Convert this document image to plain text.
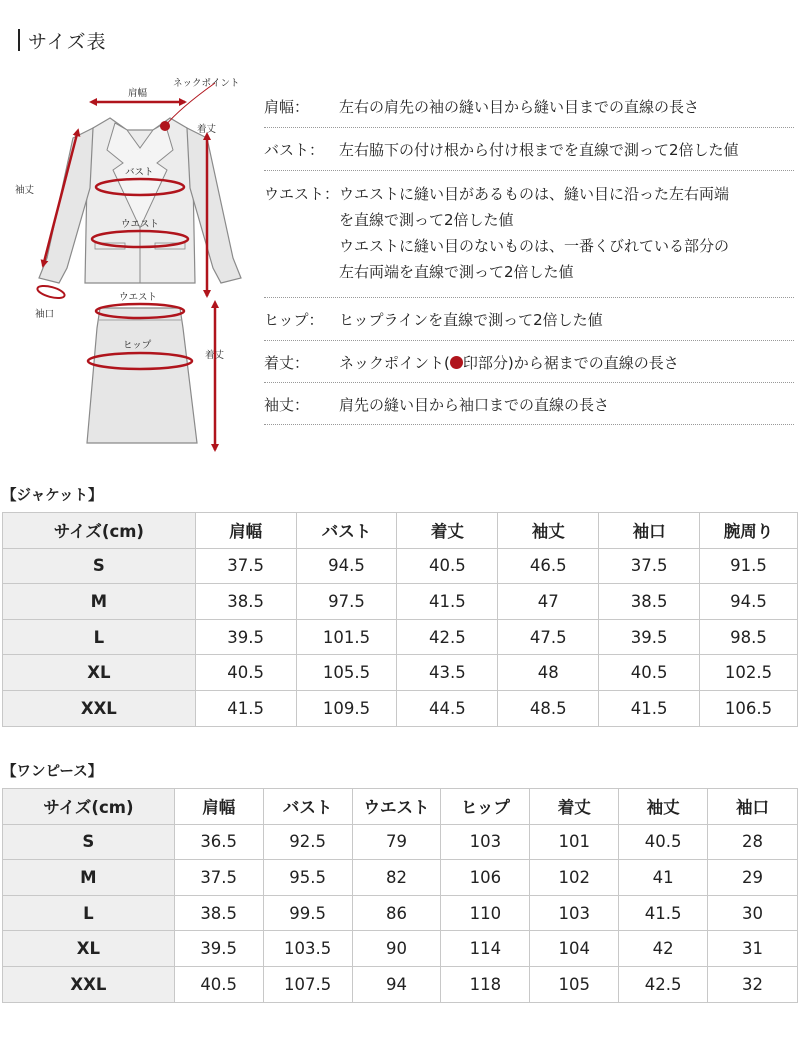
サイズ表
肩幅
ネックポイント
着丈
袖丈
バスト
ウエスト
ウエスト
ヒップ
袖口
着丈
肩幅：	左右の肩先の袖の縫い目から縫い目までの直線の長さ
バスト： 左右脇下の付け根から付け根までを直線で測って2倍した値
ウエスト： ウエストに縫い目があるものは、縫い目に沿った左右両端
を直線で測って2倍した値
ウエストに縫い目のないものは、一番くびれている部分の
左右両端を直線で測って2倍した値
ヒップ：	ヒップラインを直線で測って2倍した値
着丈：	ネックポイント( 印部分)から裾までの直線の長さ
袖丈：	肩先の縫い目から袖口までの直線の長さ
【ジャケット】
サイズ(cm)	肩幅	バスト	着丈	袖丈	袖口	腕周り
S	37.5	94.5	40.5	46.5	37.5	91.5
M	38.5	97.5	41.5	47	38.5	94.5
L	39.5	101.5	42.5	47.5	39.5	98.5
XL	40.5	105.5	43.5	48	40.5	102.5
XXL	41.5	109.5	44.5	48.5	41.5	106.5
【ワンピース】
サイズ(cm)	肩幅	バスト	ウエスト	ヒップ	着丈	袖丈	袖口
S	36.5	92.5	79	103	101	40.5	28
M	37.5	95.5	82	106	102	41	29
L	38.5	99.5	86	110	103	41.5	30
XL	39.5	103.5	90	114	104	42	31
XXL	40.5	107.5	94	118	105	42.5	32
